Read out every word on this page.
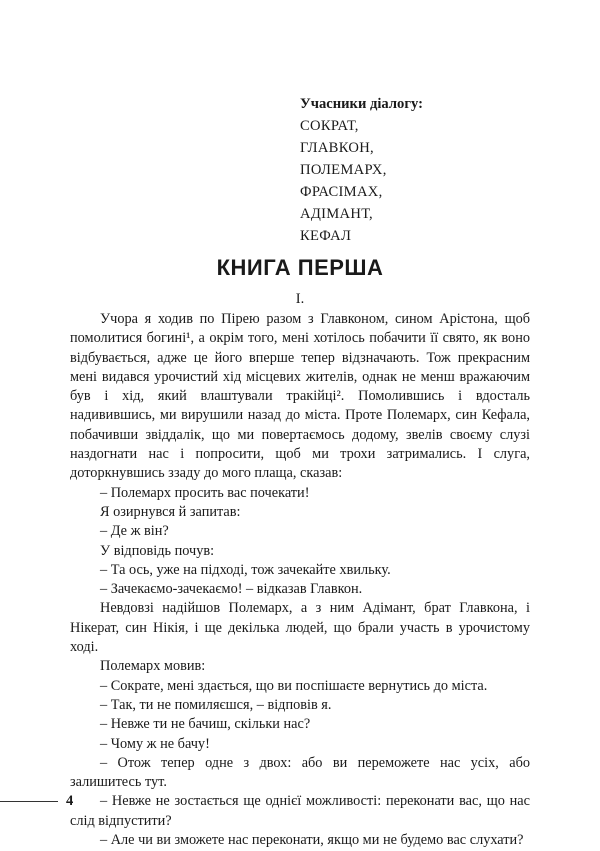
Учасники діалогу:
СОКРАТ,
ГЛАВКОН,
ПОЛЕМАРХ,
ФРАСІМАХ,
АДІМАНТ,
КЕФАЛ
КНИГА ПЕРША
I.

Учора я ходив по Пірею разом з Главконом, сином Арістона, щоб помолитися богині¹, а окрім того, мені хотілось побачити її свято, як воно відбувається, адже це його вперше тепер відзначають. Тож прекрасним мені видався урочистий хід місцевих жителів, однак не менш вражаючим був і хід, який влаштували тракійці². Помолившись і вдосталь надивившись, ми вирушили назад до міста. Проте Полемарх, син Кефала, побачивши звіддалік, що ми повертаємось додому, звелів своєму слузі наздогнати нас і попросити, щоб ми трохи затримались. І слуга, доторкнувшись ззаду до мого плаща, сказав:

– Полемарх просить вас почекати!

Я озирнувся й запитав:

– Де ж він?

У відповідь почув:

– Та ось, уже на підході, тож зачекайте хвильку.

– Зачекаємо-зачекаємо! – відказав Главкон.

Невдовзі надійшов Полемарх, а з ним Адімант, брат Главкона, і Нікерат, син Нікія, і ще декілька людей, що брали участь в урочистому ході.

Полемарх мовив:

– Сократе, мені здається, що ви поспішаєте вернутись до міста.

– Так, ти не помиляєшся, – відповів я.

– Невже ти не бачиш, скільки нас?

– Чому ж не бачу!

– Отож тепер одне з двох: або ви переможете нас усіх, або залишитесь тут.

– Невже не зостається ще однієї можливості: переконати вас, що нас слід відпустити?

– Але чи ви зможете нас переконати, якщо ми не будемо вас слухати?

4
